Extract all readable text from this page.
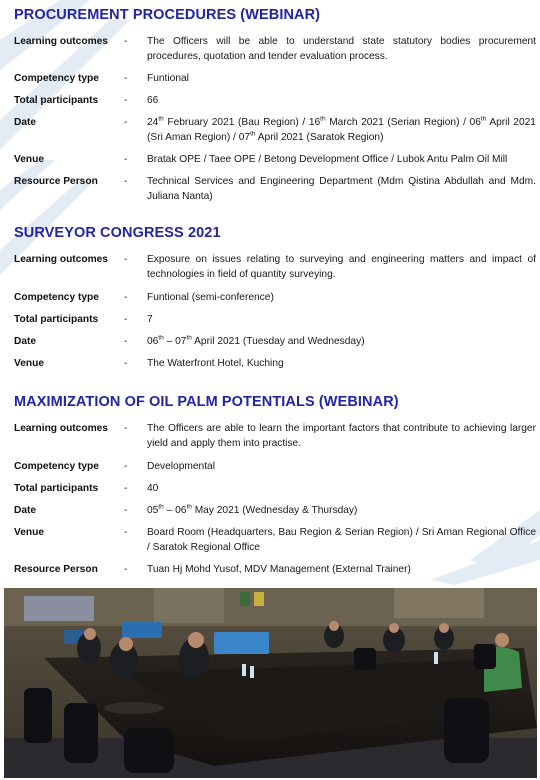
PROCUREMENT PROCEDURES (WEBINAR)
Learning outcomes	-	The Officers will be able to understand state statutory bodies procurement procedures, quotation and tender evaluation process.
Competency type	-	Funtional
Total participants	-	66
Date	-	24th February 2021 (Bau Region) / 16th March 2021 (Serian Region) / 06th April 2021 (Sri Aman Region) / 07th April 2021 (Saratok Region)
Venue	-	Bratak OPE / Taee OPE / Betong Development Office / Lubok Antu Palm Oil Mill
Resource Person	-	Technical Services and Engineering Department (Mdm Qistina Abdullah and Mdm. Juliana Nanta)
SURVEYOR CONGRESS 2021
Learning outcomes	-	Exposure on issues relating to surveying and engineering matters and impact of technologies in field of quantity surveying.
Competency type	-	Funtional (semi-conference)
Total participants	-	7
Date	-	06th – 07th April 2021 (Tuesday and Wednesday)
Venue	-	The Waterfront Hotel, Kuching
MAXIMIZATION OF OIL PALM POTENTIALS (WEBINAR)
Learning outcomes	-	The Officers are able to learn the important factors that contribute to achieving larger yield and apply them into practise.
Competency type	-	Developmental
Total participants	-	40
Date	-	05th – 06th May 2021 (Wednesday & Thursday)
Venue	-	Board Room (Headquarters, Bau Region & Serian Region) / Sri Aman Regional Office / Saratok Regional Office
Resource Person	-	Tuan Hj Mohd Yusof, MDV Management (External Trainer)
